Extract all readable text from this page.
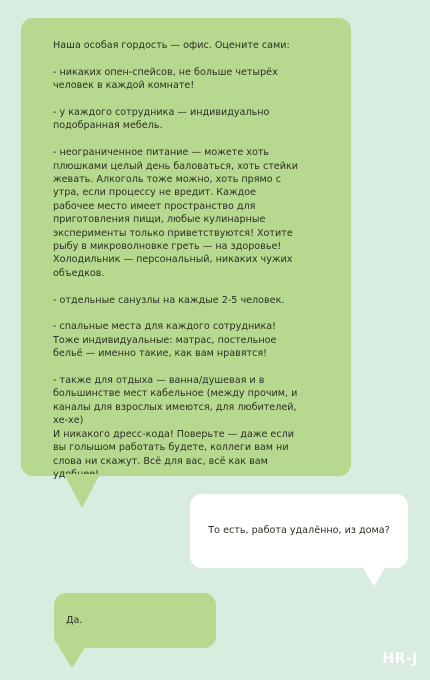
Наша особая гордость — офис. Оцените сами:

- никаких опен-спейсов, не больше четырёх
человек в каждой комнате!

- у каждого сотрудника — индивидуально
подобранная мебель.

- неограниченное питание — можете хоть
плюшками целый день баловаться, хоть стейки
жевать. Алкоголь тоже можно, хоть прямо с
утра, если процессу не вредит. Каждое
рабочее место имеет пространство для
приготовления пищи, любые кулинарные
эксперименты только приветствуются! Хотите
рыбу в микроволновке греть — на здоровье!
Холодильник — персональный, никаких чужих
объедков.

- отдельные санузлы на каждые 2-5 человек.

- спальные места для каждого сотрудника!
Тоже индивидуальные: матрас, постельное
бельё — именно такие, как вам нравятся!

- также для отдыха — ванна/душевая и в
большинстве мест кабельное (между прочим, и
каналы для взрослых имеются, для любителей,
хе-хе)
И никакого дресс-кода! Поверьте — даже если
вы голышом работать будете, коллеги вам ни
слова ни скажут. Всё для вас, всё как вам
удобнее!

То есть, работа удалённо, из дома?
Да.
HR-J
